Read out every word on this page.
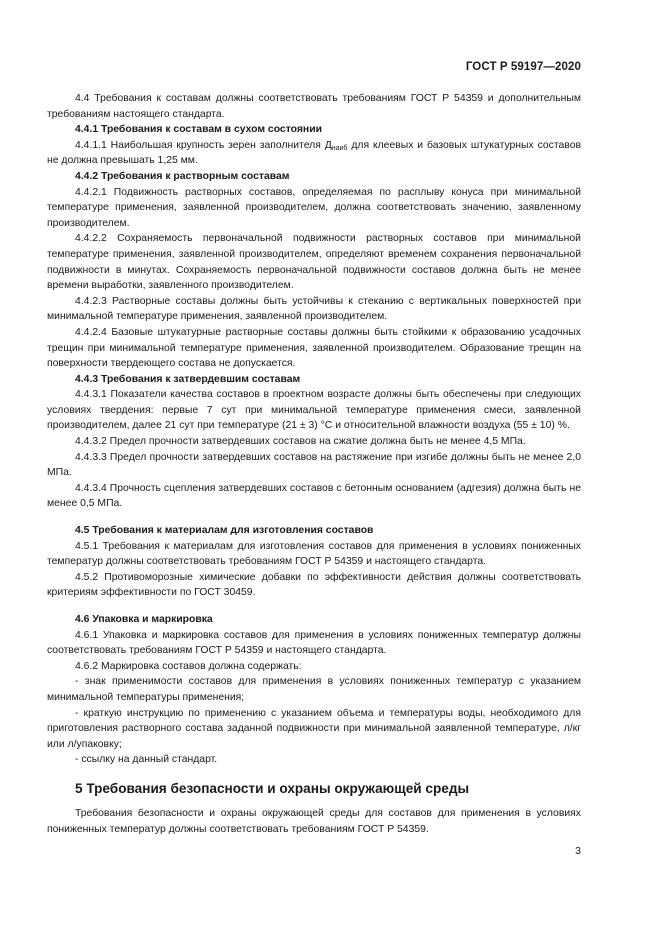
ГОСТ Р 59197—2020

4.4 Требования к составам должны соответствовать требованиям ГОСТ Р 54359 и дополнительным требованиям настоящего стандарта.

4.4.1 Требования к составам в сухом состоянии

4.4.1.1 Наибольшая крупность зерен заполнителя $Д_{наиб}$ для клеевых и базовых штукатурных составов не должна превышать 1,25 мм.

4.4.2 Требования к растворным составам

4.4.2.1 Подвижность растворных составов, определяемая по расплыву конуса при минимальной температуре применения, заявленной производителем, должна соответствовать значению, заявленному производителем.

4.4.2.2 Сохраняемость первоначальной подвижности растворных составов при минимальной температуре применения, заявленной производителем, определяют временем сохранения первоначальной подвижности в минутах. Сохраняемость первоначальной подвижности составов должна быть не менее времени выработки, заявленного производителем.

4.4.2.3 Растворные составы должны быть устойчивы к стеканию с вертикальных поверхностей при минимальной температуре применения, заявленной производителем.

4.4.2.4 Базовые штукатурные растворные составы должны быть стойкими к образованию усадочных трещин при минимальной температуре применения, заявленной производителем. Образование трещин на поверхности твердеющего состава не допускается.

4.4.3 Требования к затвердевшим составам

4.4.3.1 Показатели качества составов в проектном возрасте должны быть обеспечены при следующих условиях твердения: первые 7 сут при минимальной температуре применения смеси, заявленной производителем, далее 21 сут при температуре (21 ± 3) °С и относительной влажности воздуха (55 ± 10) %.

4.4.3.2 Предел прочности затвердевших составов на сжатие должна быть не менее 4,5 МПа.

4.4.3.3 Предел прочности затвердевших составов на растяжение при изгибе должны быть не менее 2,0 МПа.

4.4.3.4 Прочность сцепления затвердевших составов с бетонным основанием (адгезия) должна быть не менее 0,5 МПа.

4.5 Требования к материалам для изготовления составов

4.5.1 Требования к материалам для изготовления составов для применения в условиях пониженных температур должны соответствовать требованиям ГОСТ Р 54359 и настоящего стандарта.

4.5.2 Противоморозные химические добавки по эффективности действия должны соответствовать критериям эффективности по ГОСТ 30459.

4.6 Упаковка и маркировка

4.6.1 Упаковка и маркировка составов для применения в условиях пониженных температур должны соответствовать требованиям ГОСТ Р 54359 и настоящего стандарта.

4.6.2 Маркировка составов должна содержать:

- знак применимости составов для применения в условиях пониженных температур с указанием минимальной температуры применения;

- краткую инструкцию по применению с указанием объема и температуры воды, необходимого для приготовления растворного состава заданной подвижности при минимальной заявленной температуре, л/кг или л/упаковку;

- ссылку на данный стандарт.

5 Требования безопасности и охраны окружающей среды

Требования безопасности и охраны окружающей среды для составов для применения в условиях пониженных температур должны соответствовать требованиям ГОСТ Р 54359.

3
